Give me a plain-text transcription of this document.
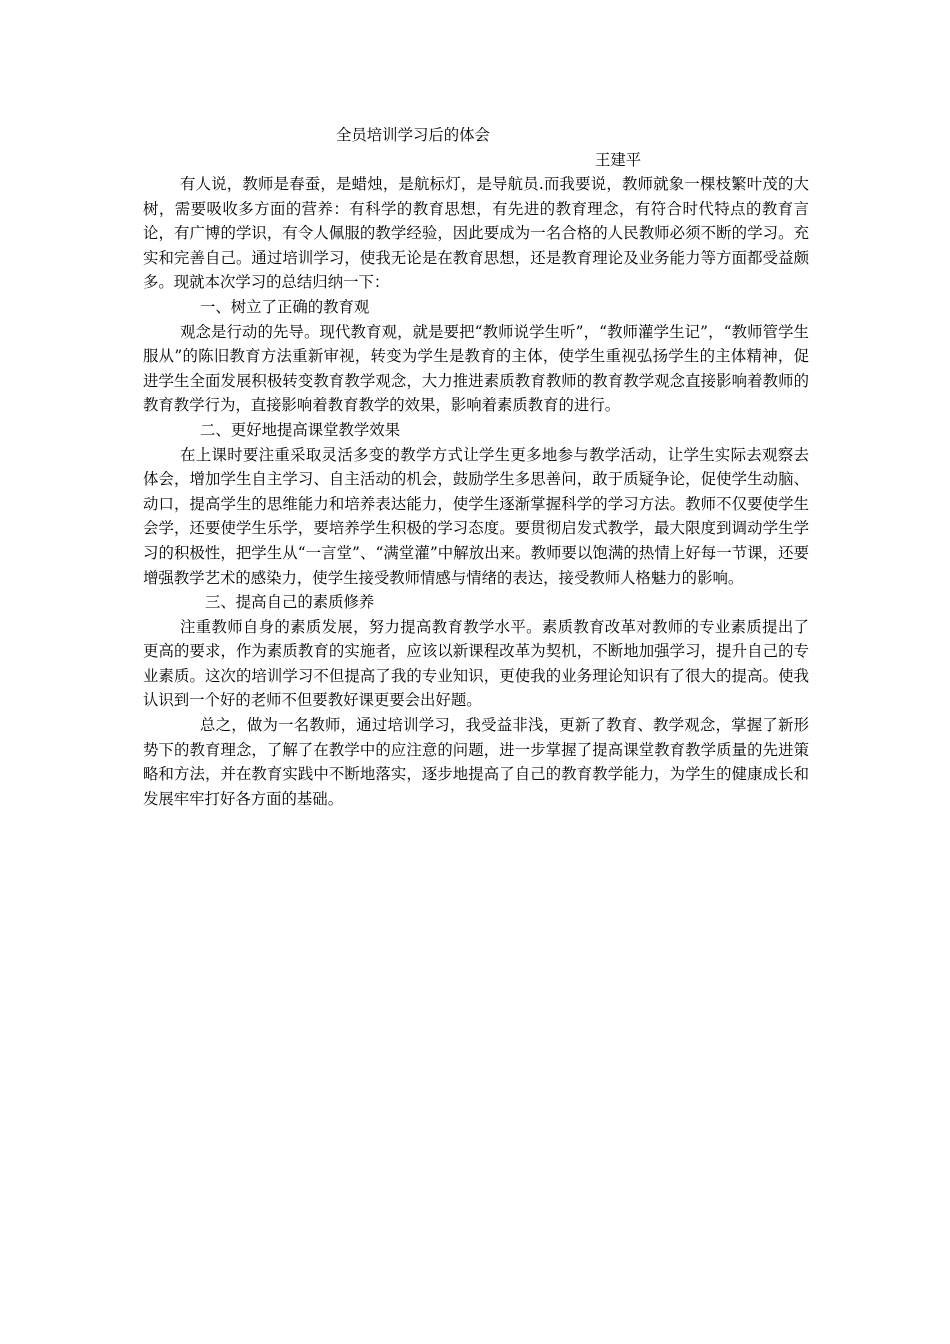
全员培训学习后的体会
王建平

有人说，教师是春蚕，是蜡烛，是航标灯，是导航员.而我要说，教师就象一棵枝繁叶茂的大树，需要吸收多方面的营养：有科学的教育思想，有先进的教育理念，有符合时代特点的教育言论，有广博的学识，有令人佩服的教学经验，因此要成为一名合格的人民教师必须不断的学习。充实和完善自己。通过培训学习，使我无论是在教育思想，还是教育理论及业务能力等方面都受益颇多。现就本次学习的总结归纳一下：

一、树立了正确的教育观

观念是行动的先导。现代教育观，就是要把“教师说学生听”，“教师灌学生记”，“教师管学生服从”的陈旧教育方法重新审视，转变为学生是教育的主体，使学生重视弘扬学生的主体精神，促进学生全面发展积极转变教育教学观念，大力推进素质教育教师的教育教学观念直接影响着教师的教育教学行为，直接影响着教育教学的效果，影响着素质教育的进行。

二、更好地提高课堂教学效果

在上课时要注重采取灵活多变的教学方式让学生更多地参与教学活动，让学生实际去观察去体会，增加学生自主学习、自主活动的机会，鼓励学生多思善问，敢于质疑争论，促使学生动脑、动口，提高学生的思维能力和培养表达能力，使学生逐渐掌握科学的学习方法。教师不仅要使学生会学，还要使学生乐学，要培养学生积极的学习态度。要贯彻启发式教学，最大限度到调动学生学习的积极性，把学生从“一言堂”、“满堂灌”中解放出来。教师要以饱满的热情上好每一节课，还要增强教学艺术的感染力，使学生接受教师情感与情绪的表达，接受教师人格魅力的影响。

三、提高自己的素质修养

注重教师自身的素质发展，努力提高教育教学水平。素质教育改革对教师的专业素质提出了更高的要求，作为素质教育的实施者，应该以新课程改革为契机，不断地加强学习，提升自己的专业素质。这次的培训学习不但提高了我的专业知识，更使我的业务理论知识有了很大的提高。使我认识到一个好的老师不但要教好课更要会出好题。

总之，做为一名教师，通过培训学习，我受益非浅，更新了教育、教学观念，掌握了新形势下的教育理念，了解了在教学中的应注意的问题，进一步掌握了提高课堂教育教学质量的先进策略和方法，并在教育实践中不断地落实，逐步地提高了自己的教育教学能力，为学生的健康成长和发展牢牢打好各方面的基础。
